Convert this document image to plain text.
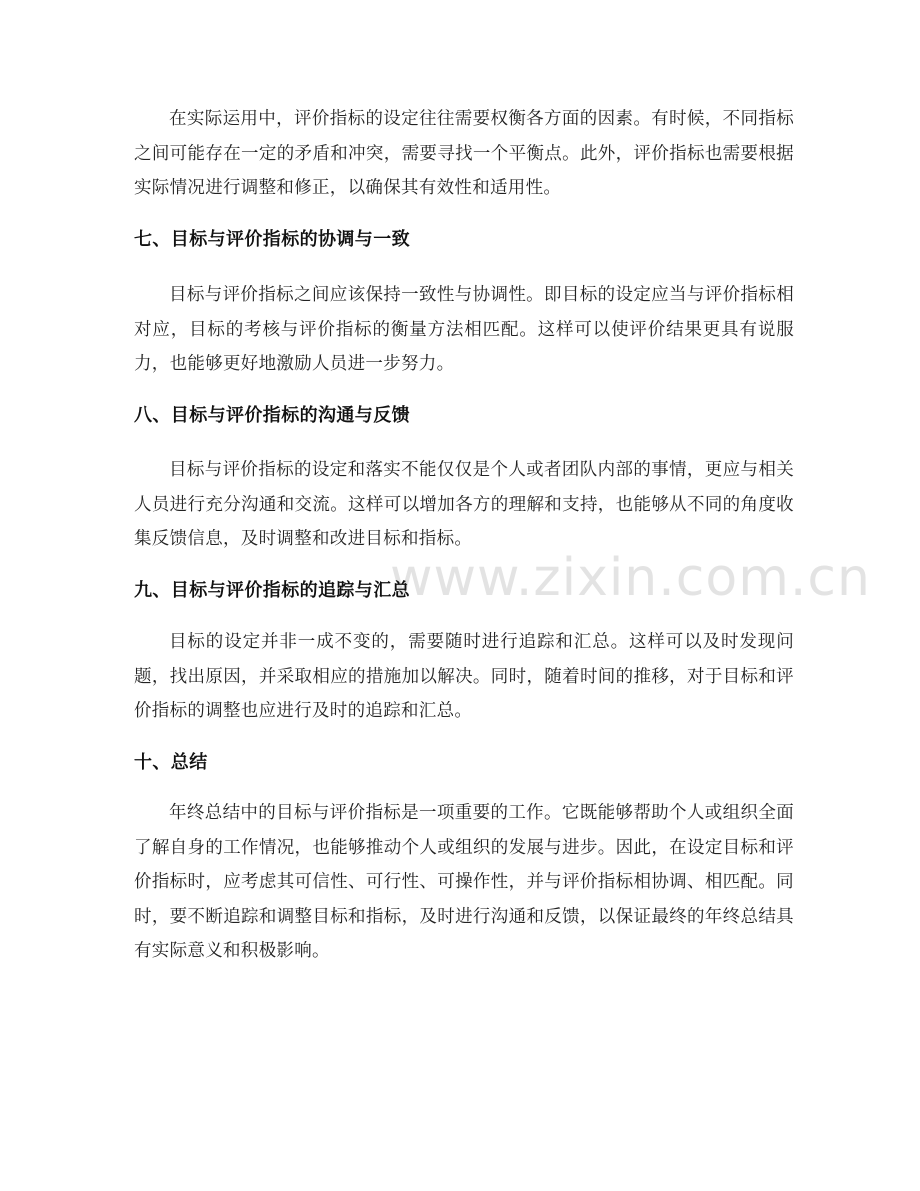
www.zixin.com.cn

在实际运用中，评价指标的设定往往需要权衡各方面的因素。有时候，不同指标之间可能存在一定的矛盾和冲突，需要寻找一个平衡点。此外，评价指标也需要根据实际情况进行调整和修正，以确保其有效性和适用性。

七、目标与评价指标的协调与一致

目标与评价指标之间应该保持一致性与协调性。即目标的设定应当与评价指标相对应，目标的考核与评价指标的衡量方法相匹配。这样可以使评价结果更具有说服力，也能够更好地激励人员进一步努力。

八、目标与评价指标的沟通与反馈

目标与评价指标的设定和落实不能仅仅是个人或者团队内部的事情，更应与相关人员进行充分沟通和交流。这样可以增加各方的理解和支持，也能够从不同的角度收集反馈信息，及时调整和改进目标和指标。

九、目标与评价指标的追踪与汇总

目标的设定并非一成不变的，需要随时进行追踪和汇总。这样可以及时发现问题，找出原因，并采取相应的措施加以解决。同时，随着时间的推移，对于目标和评价指标的调整也应进行及时的追踪和汇总。

十、总结

年终总结中的目标与评价指标是一项重要的工作。它既能够帮助个人或组织全面了解自身的工作情况，也能够推动个人或组织的发展与进步。因此，在设定目标和评价指标时，应考虑其可信性、可行性、可操作性，并与评价指标相协调、相匹配。同时，要不断追踪和调整目标和指标，及时进行沟通和反馈，以保证最终的年终总结具有实际意义和积极影响。
